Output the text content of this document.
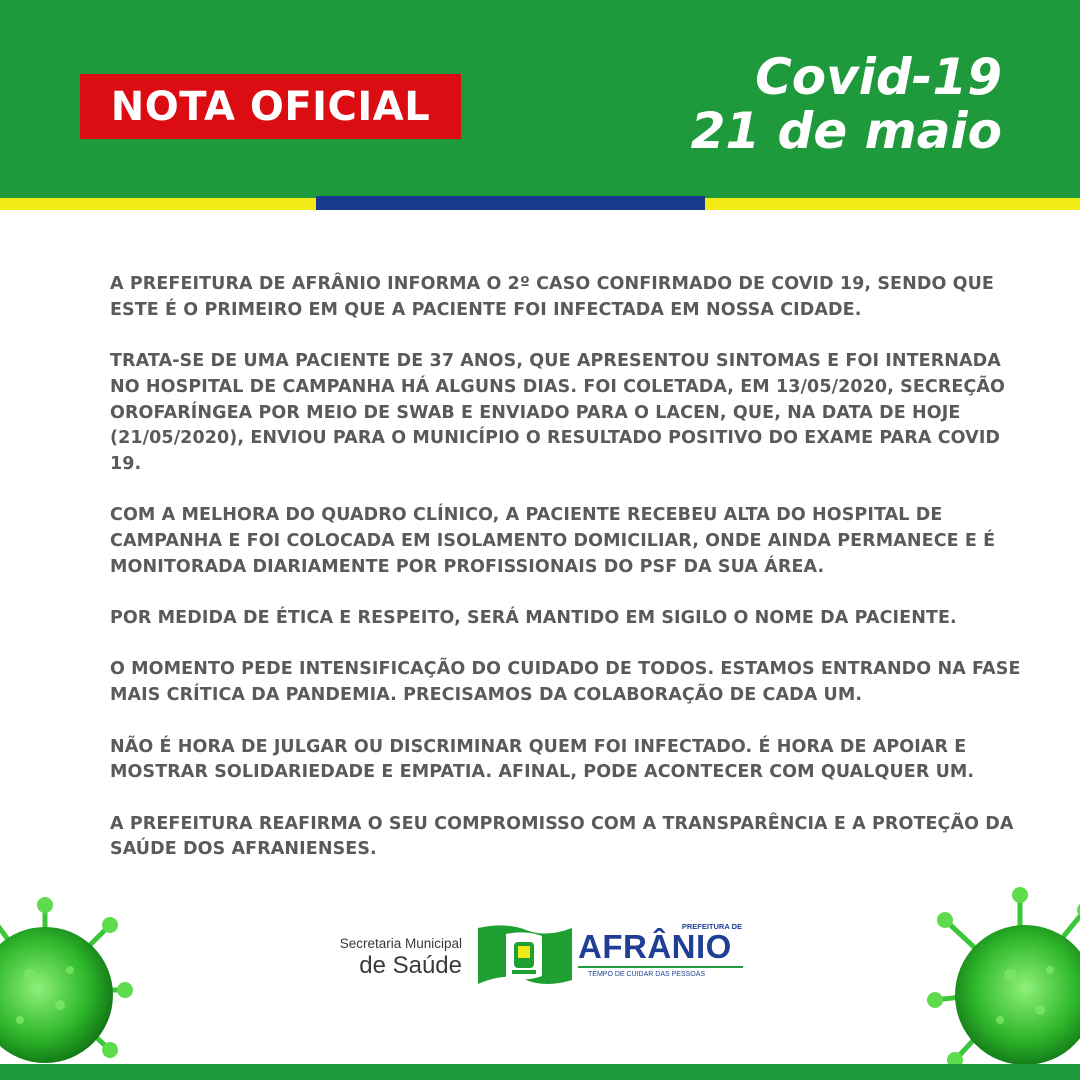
NOTA OFICIAL
Covid-19
21 de maio

A PREFEITURA DE AFRÂNIO INFORMA O 2º CASO CONFIRMADO DE COVID 19, SENDO QUE ESTE É O PRIMEIRO EM QUE A PACIENTE FOI INFECTADA EM NOSSA CIDADE.

TRATA-SE DE UMA PACIENTE DE 37 ANOS, QUE APRESENTOU SINTOMAS E FOI INTERNADA NO HOSPITAL DE CAMPANHA HÁ ALGUNS DIAS. FOI COLETADA, EM 13/05/2020, SECREÇÃO OROFARÍNGEA POR MEIO DE SWAB E ENVIADO PARA O LACEN, QUE, NA DATA DE HOJE (21/05/2020), ENVIOU PARA O MUNICÍPIO O RESULTADO POSITIVO DO EXAME PARA COVID 19.

COM A MELHORA DO QUADRO CLÍNICO, A PACIENTE RECEBEU ALTA DO HOSPITAL DE CAMPANHA E FOI COLOCADA EM ISOLAMENTO DOMICILIAR, ONDE AINDA PERMANECE E É MONITORADA DIARIAMENTE POR PROFISSIONAIS DO PSF DA SUA ÁREA.

POR MEDIDA DE ÉTICA E RESPEITO, SERÁ MANTIDO EM SIGILO O NOME DA PACIENTE.

O MOMENTO PEDE INTENSIFICAÇÃO DO CUIDADO DE TODOS. ESTAMOS ENTRANDO NA FASE MAIS CRÍTICA DA PANDEMIA. PRECISAMOS DA COLABORAÇÃO DE CADA UM.

NÃO É HORA DE JULGAR OU DISCRIMINAR QUEM FOI INFECTADO. É HORA DE APOIAR E MOSTRAR SOLIDARIEDADE E EMPATIA. AFINAL, PODE ACONTECER COM QUALQUER UM.

A PREFEITURA REAFIRMA O SEU COMPROMISSO COM A TRANSPARÊNCIA E A PROTEÇÃO DA SAÚDE DOS AFRANIENSES.

Secretaria Municipal
de Saúde
PREFEITURA DE
AFRÂNIO
TEMPO DE CUIDAR DAS PESSOAS
